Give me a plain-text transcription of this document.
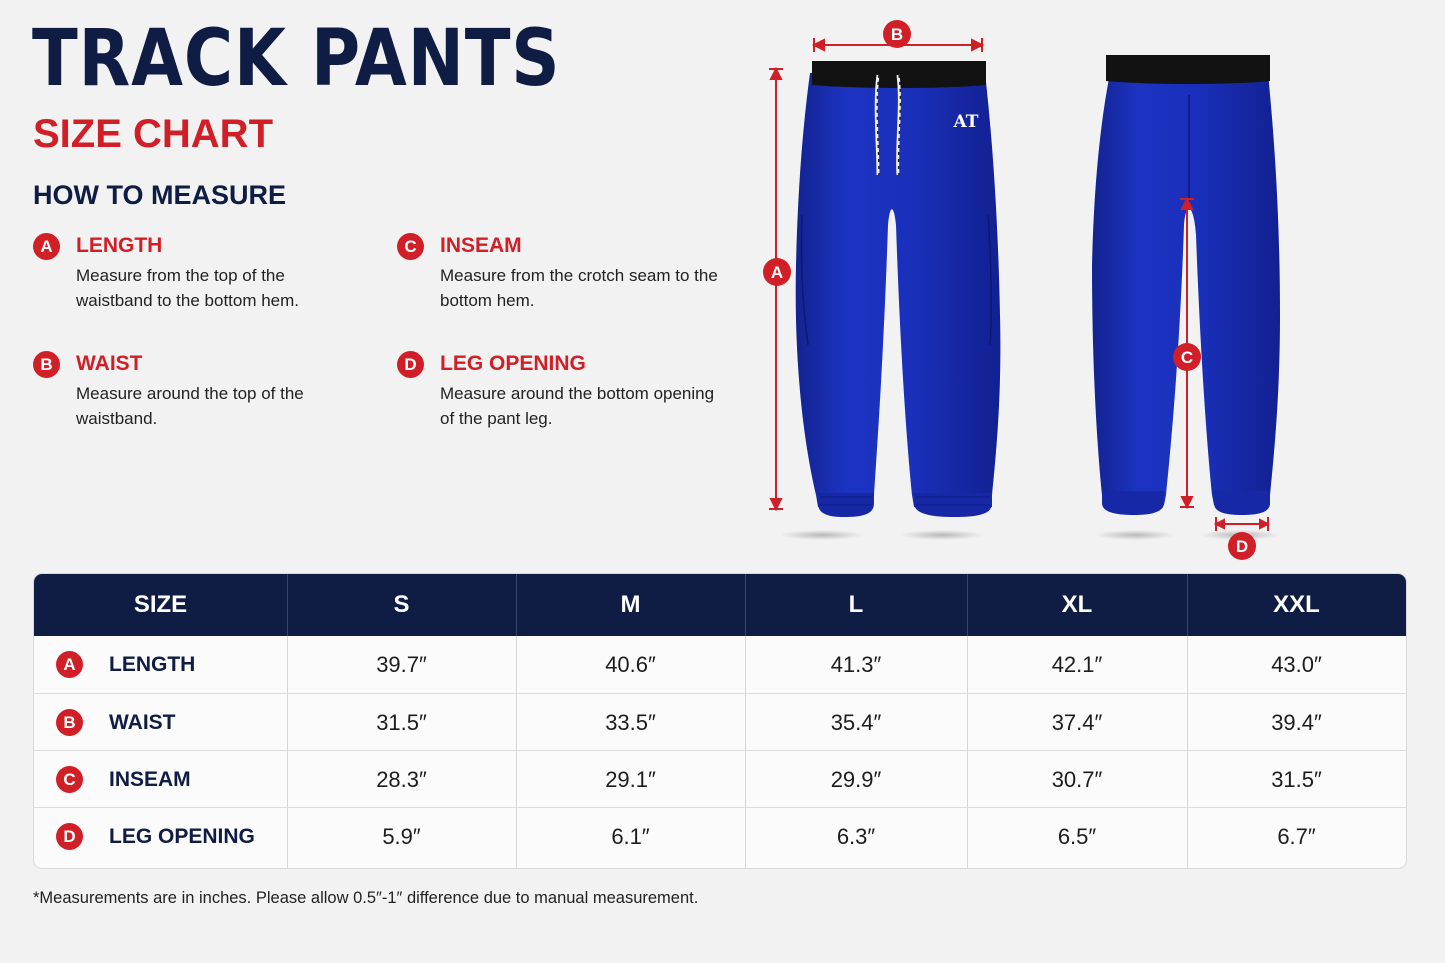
TRACK PANTS
SIZE CHART
HOW TO MEASURE
A	LENGTH
Measure from the top of the waistband to the bottom hem.
B	WAIST
Measure around the top of the waistband.
C	INSEAM
Measure from the crotch seam to the bottom hem.
D	LEG OPENING
Measure around the bottom opening of the pant leg.
AT
B
A
C
D
SIZE	S	M	L	XL	XXL
A	LENGTH	39.7″	40.6″	41.3″	42.1″	43.0″
B	WAIST	31.5″	33.5″	35.4″	37.4″	39.4″
C	INSEAM	28.3″	29.1″	29.9″	30.7″	31.5″
D	LEG OPENING	5.9″	6.1″	6.3″	6.5″	6.7″
*Measurements are in inches. Please allow 0.5″-1″ difference due to manual measurement.
